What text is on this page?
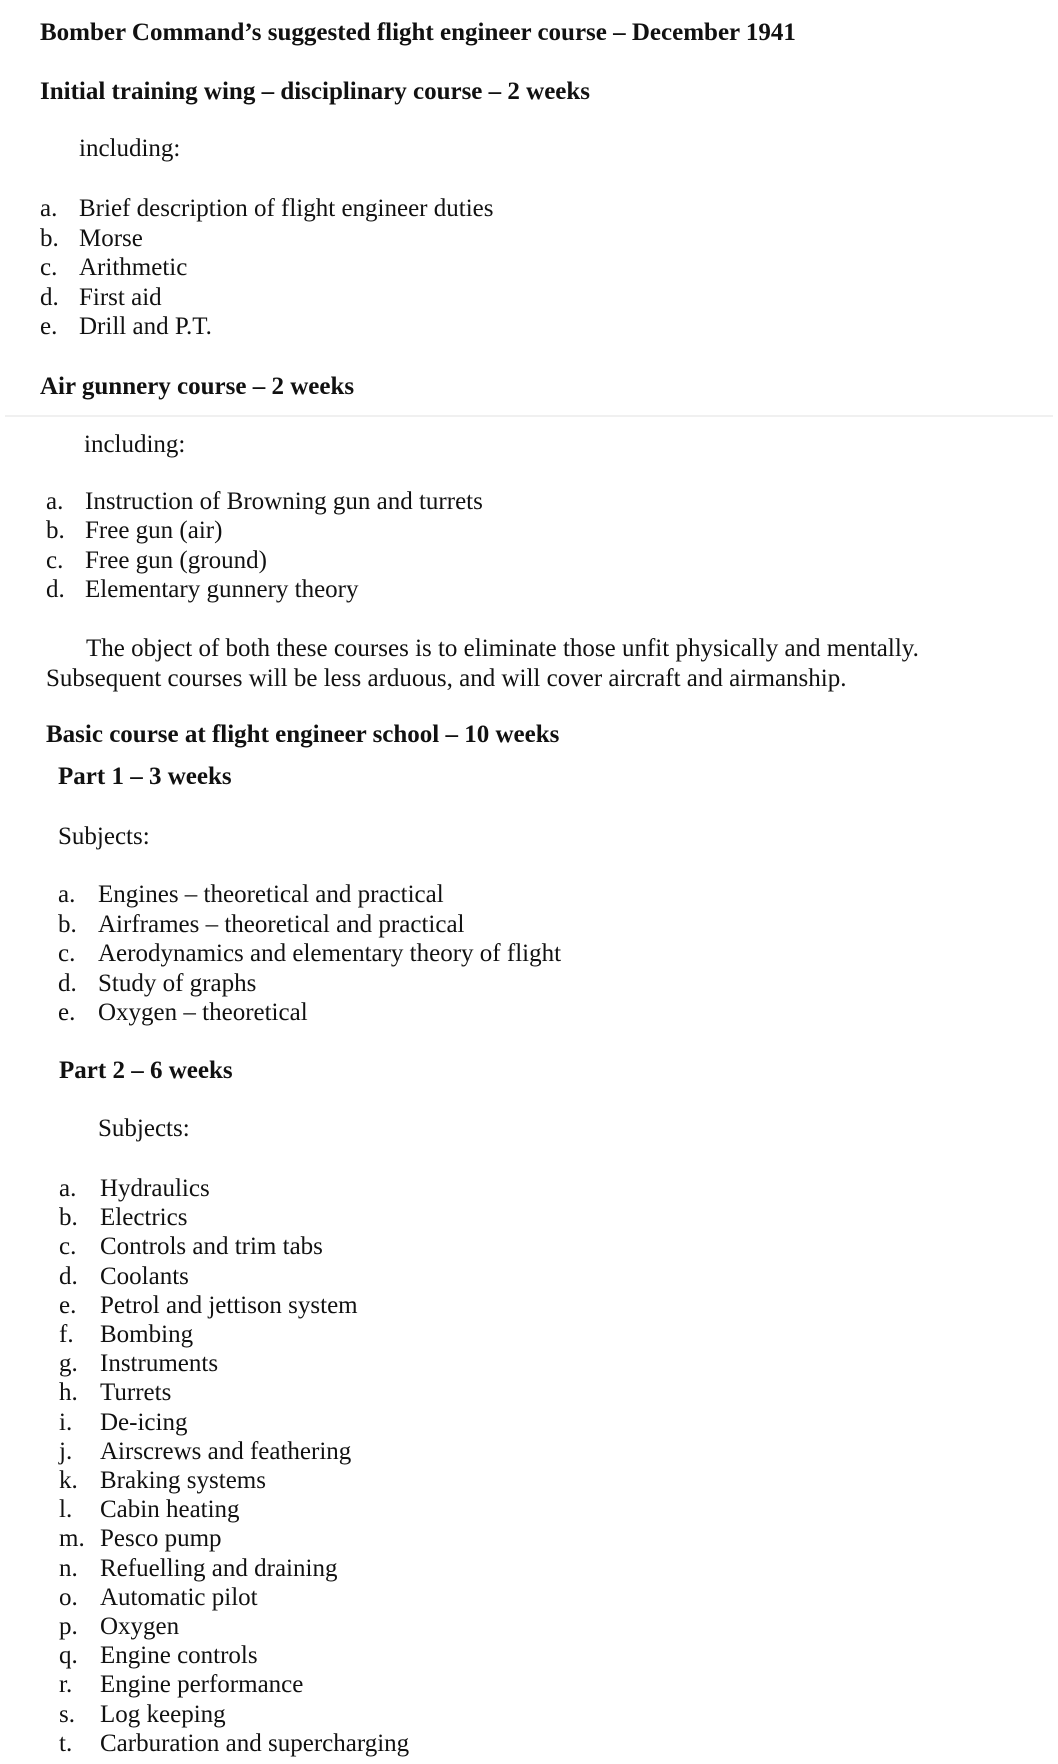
Bomber Command’s suggested flight engineer course – December 1941
Initial training wing – disciplinary course – 2 weeks
including:
a. Brief description of flight engineer duties
b. Morse
c. Arithmetic
d. First aid
e. Drill and P.T.
Air gunnery course – 2 weeks
including:
a. Instruction of Browning gun and turrets
b. Free gun (air)
c. Free gun (ground)
d. Elementary gunnery theory
The object of both these courses is to eliminate those unfit physically and mentally.
Subsequent courses will be less arduous, and will cover aircraft and airmanship.
Basic course at flight engineer school – 10 weeks
Part 1 – 3 weeks
Subjects:
a. Engines – theoretical and practical
b. Airframes – theoretical and practical
c. Aerodynamics and elementary theory of flight
d. Study of graphs
e. Oxygen – theoretical
Part 2 – 6 weeks
Subjects:
a. Hydraulics
b. Electrics
c. Controls and trim tabs
d. Coolants
e. Petrol and jettison system
f. Bombing
g. Instruments
h. Turrets
i. De-icing
j. Airscrews and feathering
k. Braking systems
l. Cabin heating
m. Pesco pump
n. Refuelling and draining
o. Automatic pilot
p. Oxygen
q. Engine controls
r. Engine performance
s. Log keeping
t. Carburation and supercharging
